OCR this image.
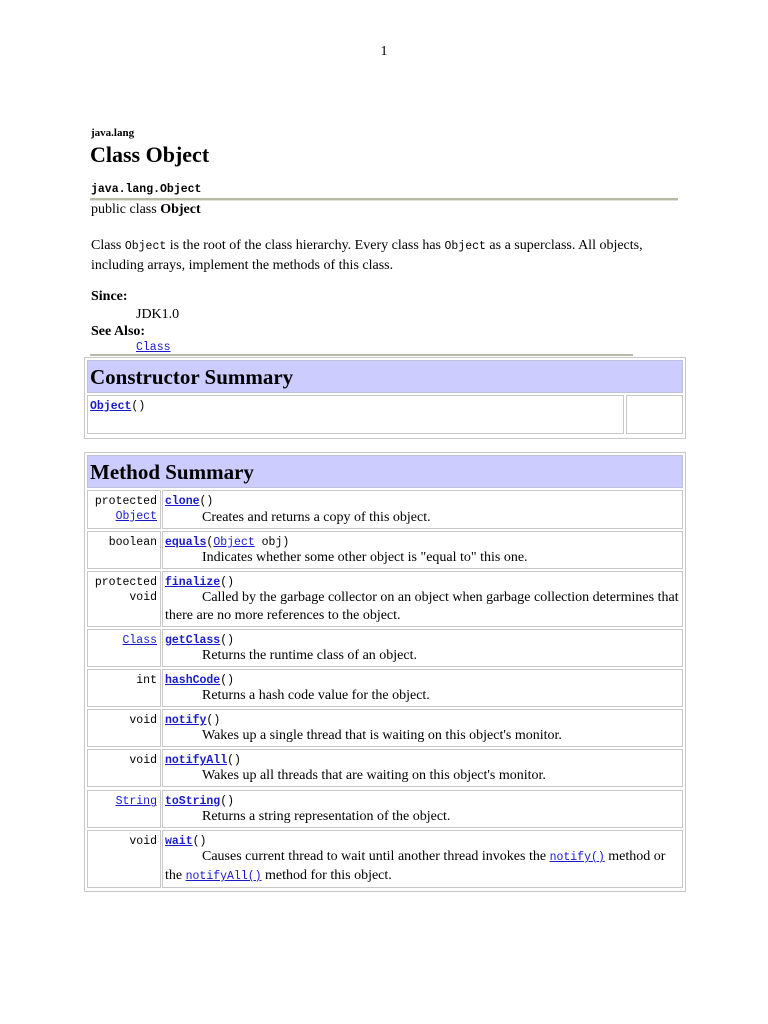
1
java.lang
Class Object
java.lang.Object
public class Object
Class Object is the root of the class hierarchy. Every class has Object as a superclass. All objects, including arrays, implement the methods of this class.
Since:
JDK1.0
See Also:
Class
Constructor Summary
Object()
Method Summary
protected
Object
clone()
Creates and returns a copy of this object.
boolean equals(Object obj)
Indicates whether some other object is "equal to" this one.
protected
void
finalize()
Called by the garbage collector on an object when garbage collection determines that there are no more references to the object.
Class getClass()
Returns the runtime class of an object.
int hashCode()
Returns a hash code value for the object.
void notify()
Wakes up a single thread that is waiting on this object's monitor.
void notifyAll()
Wakes up all threads that are waiting on this object's monitor.
String toString()
Returns a string representation of the object.
void wait()
Causes current thread to wait until another thread invokes the notify() method or the notifyAll() method for this object.
